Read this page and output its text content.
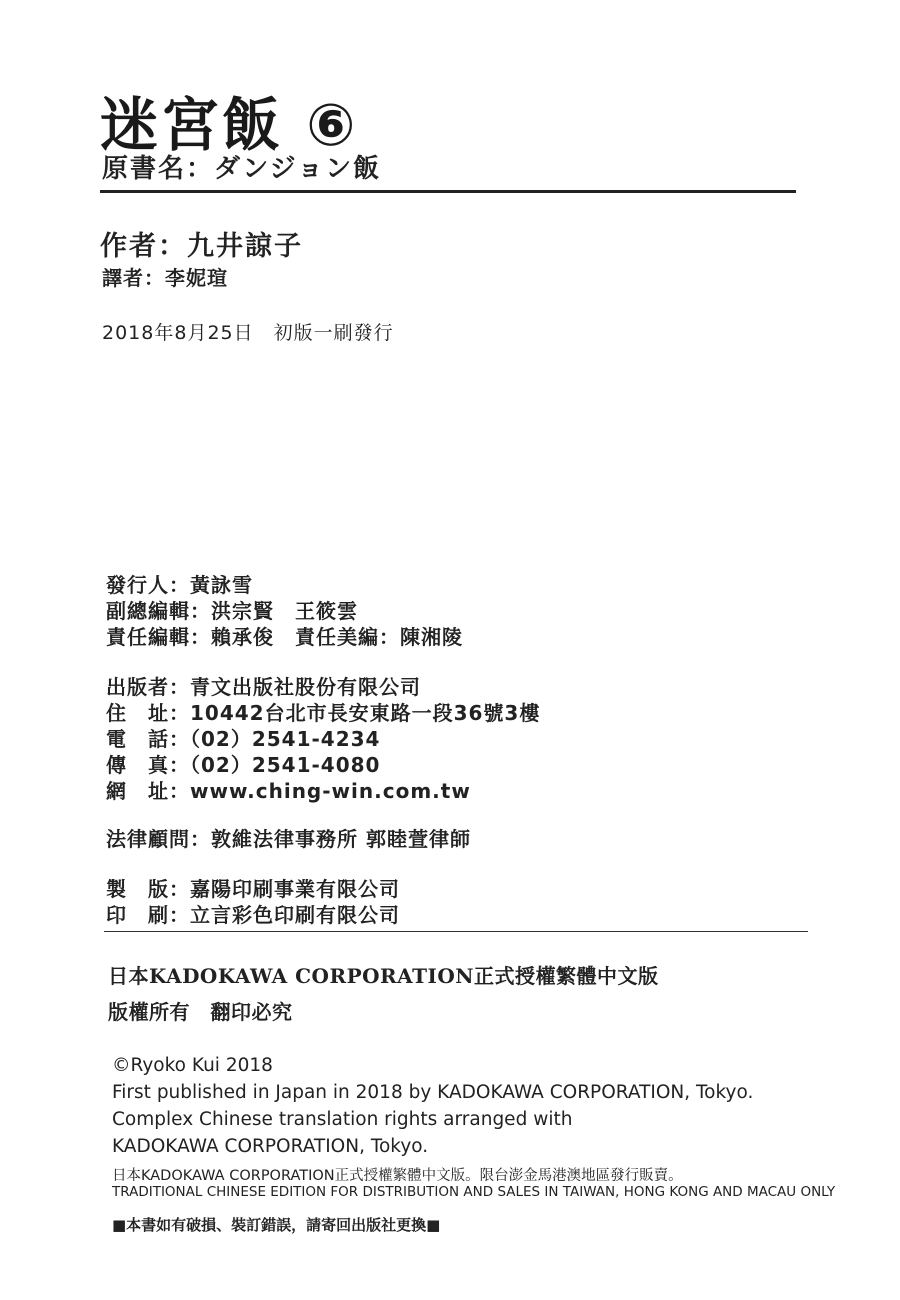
迷宮飯 ⑥
原書名：ダンジョン飯
作者：九井諒子
譯者：李妮瑄
2018年8月25日　初版一刷發行
發行人：黃詠雪
副總編輯：洪宗賢　王筱雲
責任編輯：賴承俊　責任美編：陳湘陵
出版者：青文出版社股份有限公司
住　址：10442台北市長安東路一段36號3樓
電　話：（02）2541-4234
傳　真：（02）2541-4080
網　址：www.ching-win.com.tw
法律顧問：敦維法律事務所 郭睦萱律師
製　版：嘉陽印刷事業有限公司
印　刷：立言彩色印刷有限公司
日本KADOKAWA CORPORATION正式授權繁體中文版
版權所有　翻印必究
©Ryoko Kui 2018
First published in Japan in 2018 by KADOKAWA CORPORATION, Tokyo.
Complex Chinese translation rights arranged with
KADOKAWA CORPORATION, Tokyo.
日本KADOKAWA CORPORATION正式授權繁體中文版。限台澎金馬港澳地區發行販賣。
TRADITIONAL CHINESE EDITION FOR DISTRIBUTION AND SALES IN TAIWAN, HONG KONG AND MACAU ONLY
■本書如有破損、裝訂錯誤，請寄回出版社更換■
